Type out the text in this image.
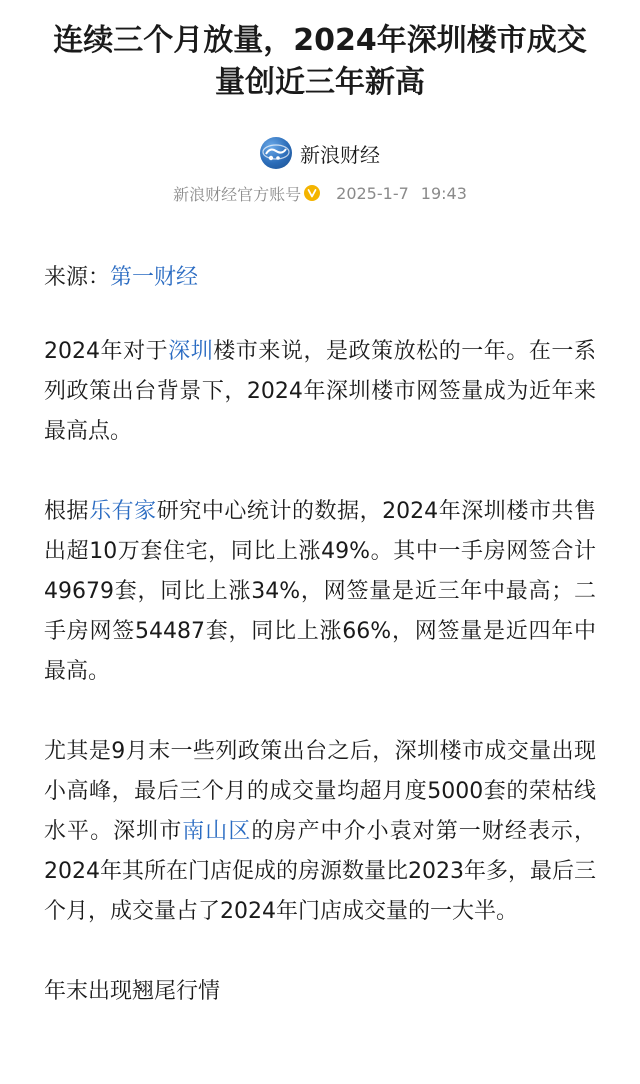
连续三个月放量，2024年深圳楼市成交量创近三年新高
新浪财经
新浪财经官方账号 2025-1-7 19:43

来源：第一财经

2024年对于深圳楼市来说，是政策放松的一年。在一系列政策出台背景下，2024年深圳楼市网签量成为近年来最高点。

根据乐有家研究中心统计的数据，2024年深圳楼市共售出超10万套住宅，同比上涨49%。其中一手房网签合计49679套，同比上涨34%，网签量是近三年中最高；二手房网签54487套，同比上涨66%，网签量是近四年中最高。

尤其是9月末一些列政策出台之后，深圳楼市成交量出现小高峰，最后三个月的成交量均超月度5000套的荣枯线水平。深圳市南山区的房产中介小袁对第一财经表示，2024年其所在门店促成的房源数量比2023年多，最后三个月，成交量占了2024年门店成交量的一大半。

年末出现翘尾行情
